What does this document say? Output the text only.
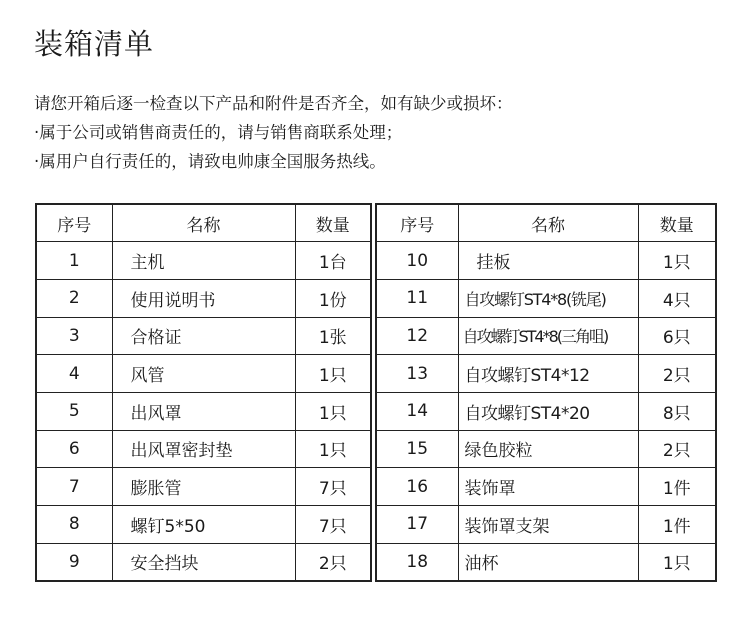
装箱清单
请您开箱后逐一检查以下产品和附件是否齐全，如有缺少或损坏：
·属于公司或销售商责任的，请与销售商联系处理；
·属用户自行责任的，请致电帅康全国服务热线。
序号	名称	数量
1	主机	1台
2	使用说明书	1份
3	合格证	1张
4	风管	1只
5	出风罩	1只
6	出风罩密封垫	1只
7	膨胀管	7只
8	螺钉5*50	7只
9	安全挡块	2只
序号	名称	数量
10	挂板	1只
11	自攻螺钉ST4*8(铣尾)	4只
12	自攻螺钉ST4*8(三角咀)	6只
13	自攻螺钉ST4*12	2只
14	自攻螺钉ST4*20	8只
15	绿色胶粒	2只
16	装饰罩	1件
17	装饰罩支架	1件
18	油杯	1只
